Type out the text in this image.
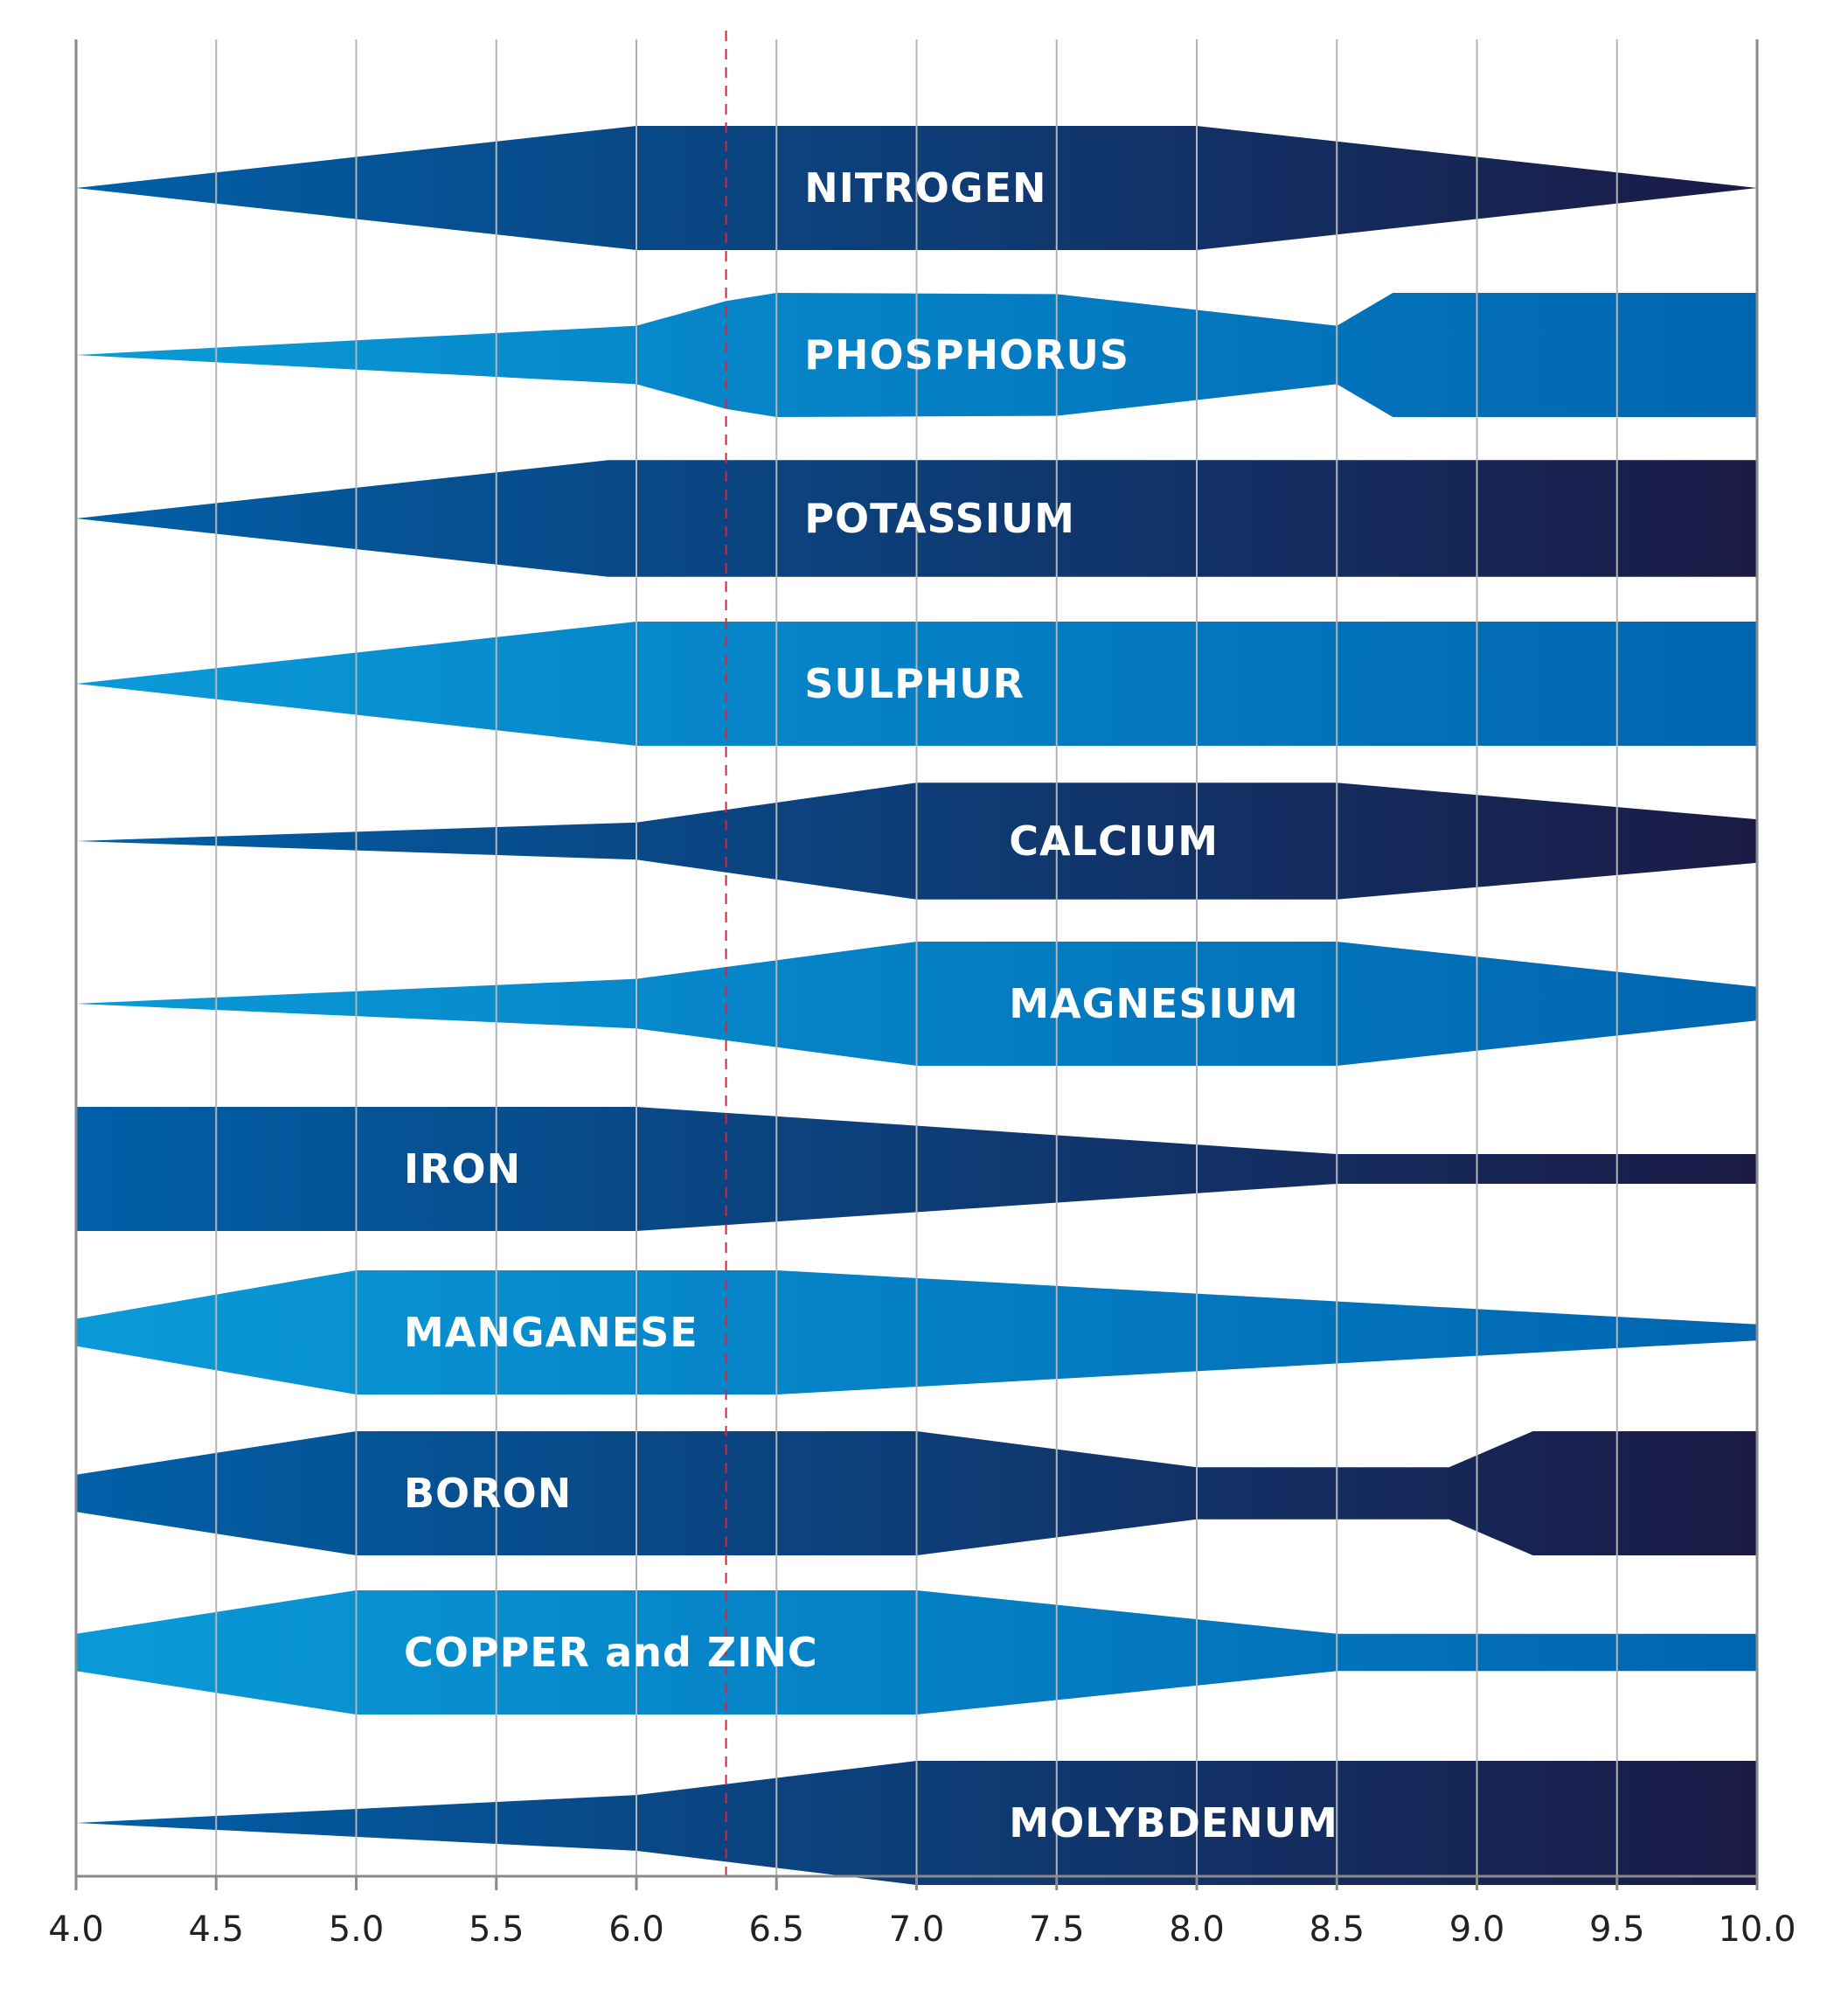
NITROGEN
PHOSPHORUS
POTASSIUM
SULPHUR
CALCIUM
MAGNESIUM
IRON
MANGANESE
BORON
COPPER and ZINC
MOLYBDENUM
4.0 4.5 5.0 5.5 6.0 6.5 7.0 7.5 8.0 8.5 9.0 9.5 10.0
